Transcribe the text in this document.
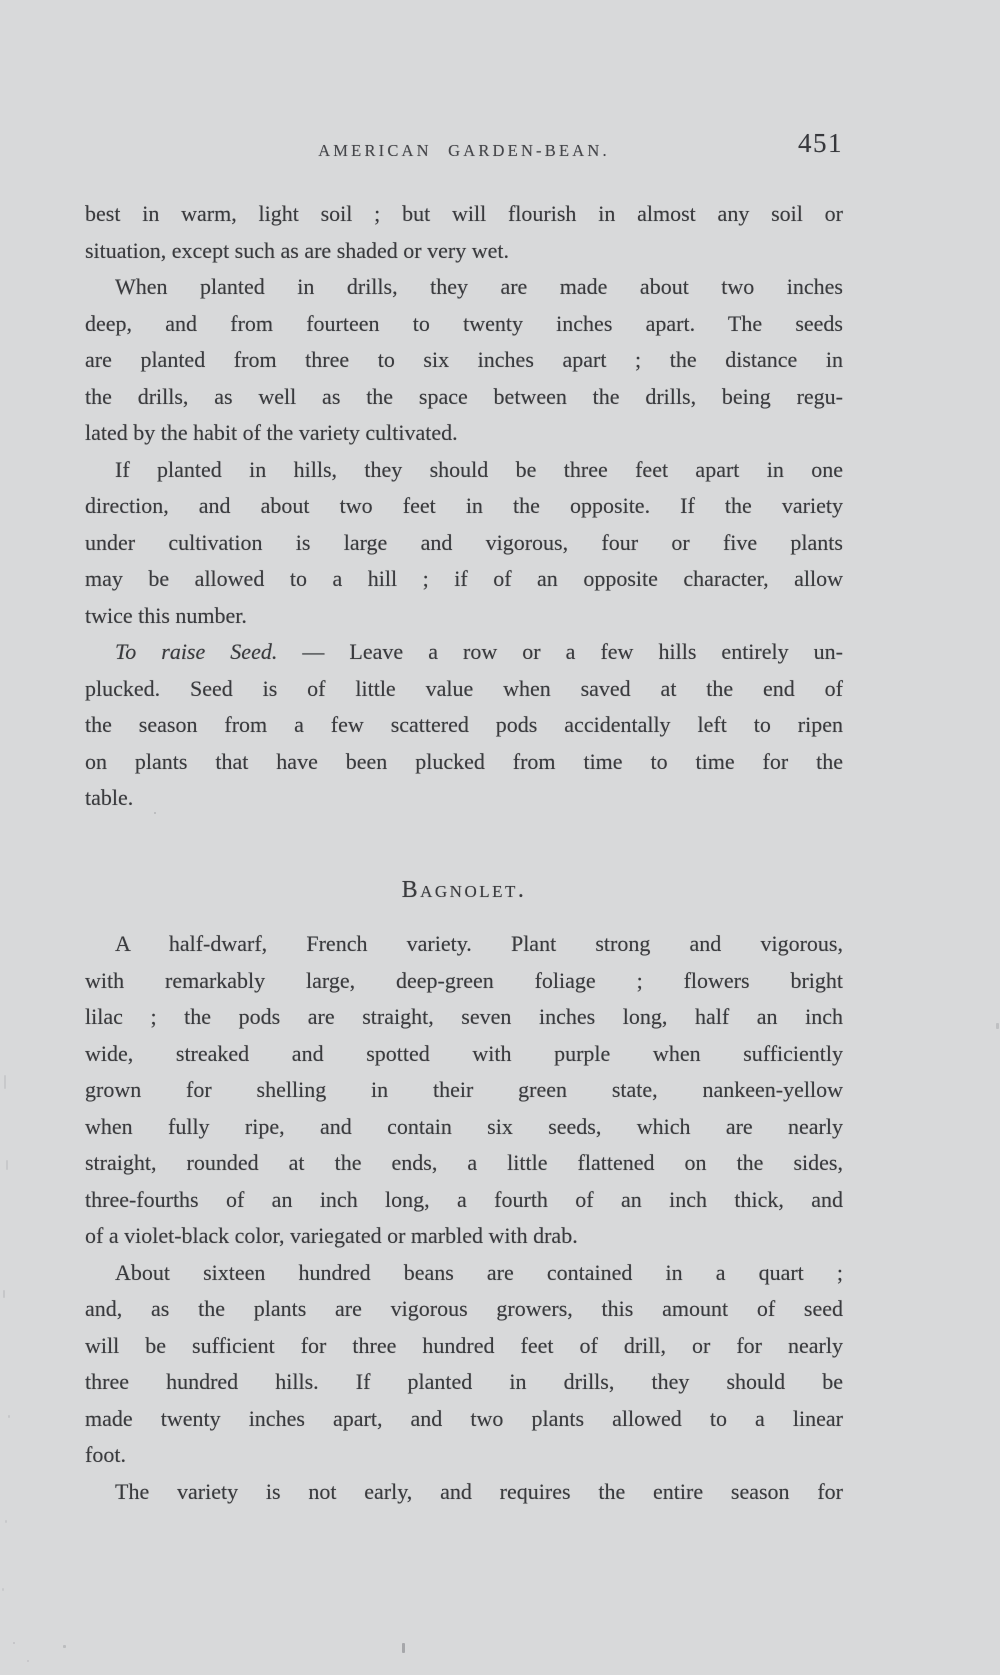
AMERICAN GARDEN-BEAN.	451
best in warm, light soil ; but will flourish in almost any soil or
situation, except such as are shaded or very wet.
When planted in drills, they are made about two inches
deep, and from fourteen to twenty inches apart. The seeds
are planted from three to six inches apart ; the distance in
the drills, as well as the space between the drills, being regu-
lated by the habit of the variety cultivated.
If planted in hills, they should be three feet apart in one
direction, and about two feet in the opposite. If the variety
under cultivation is large and vigorous, four or five plants
may be allowed to a hill ; if of an opposite character, allow
twice this number.
To raise Seed. — Leave a row or a few hills entirely un-
plucked. Seed is of little value when saved at the end of
the season from a few scattered pods accidentally left to ripen
on plants that have been plucked from time to time for the
table.
Bagnolet.
A half-dwarf, French variety. Plant strong and vigorous,
with remarkably large, deep-green foliage ; flowers bright
lilac ; the pods are straight, seven inches long, half an inch
wide, streaked and spotted with purple when sufficiently
grown for shelling in their green state, nankeen-yellow
when fully ripe, and contain six seeds, which are nearly
straight, rounded at the ends, a little flattened on the sides,
three-fourths of an inch long, a fourth of an inch thick, and
of a violet-black color, variegated or marbled with drab.
About sixteen hundred beans are contained in a quart ;
and, as the plants are vigorous growers, this amount of seed
will be sufficient for three hundred feet of drill, or for nearly
three hundred hills. If planted in drills, they should be
made twenty inches apart, and two plants allowed to a linear
foot.
The variety is not early, and requires the entire season for
